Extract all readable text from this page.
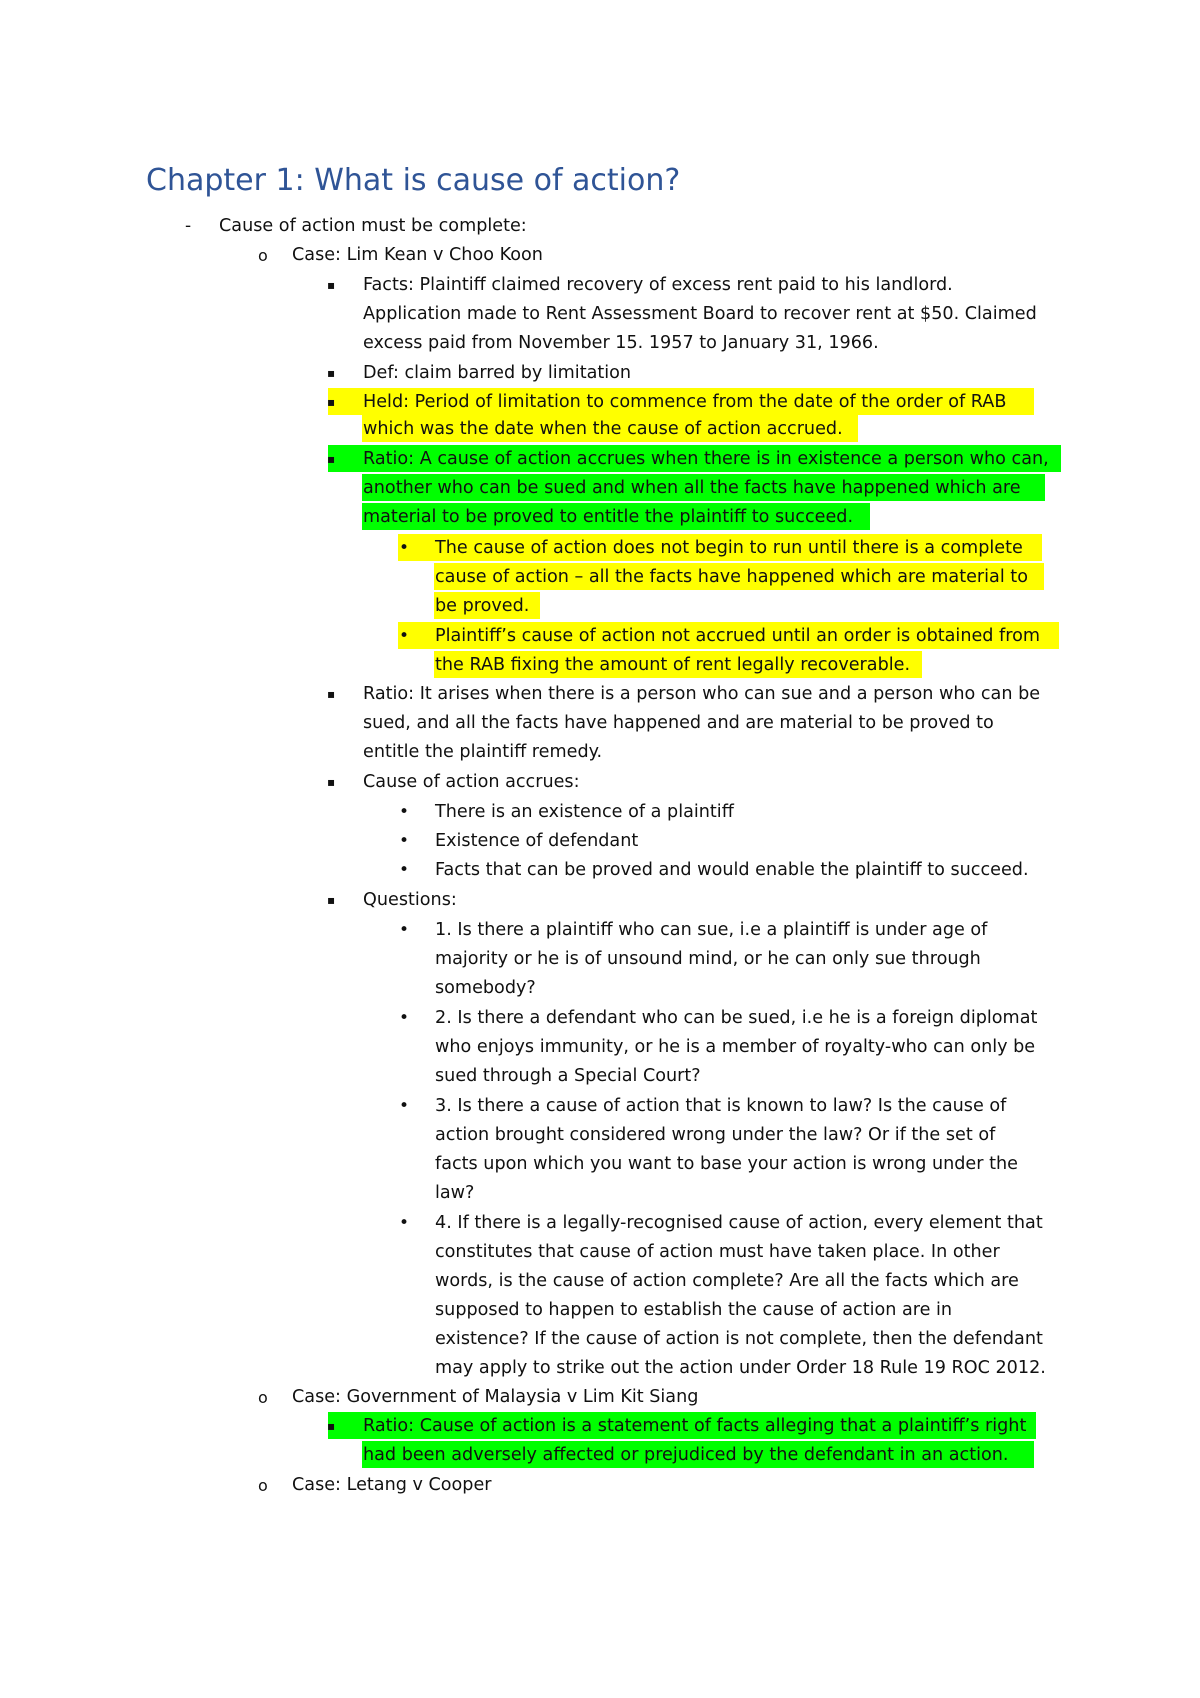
Chapter 1: What is cause of action?
- Cause of action must be complete:
o Case: Lim Kean v Choo Koon
▪ Facts: Plaintiff claimed recovery of excess rent paid to his landlord.
Application made to Rent Assessment Board to recover rent at $50. Claimed
excess paid from November 15. 1957 to January 31, 1966.
▪ Def: claim barred by limitation
▪ Held: Period of limitation to commence from the date of the order of RAB
which was the date when the cause of action accrued.
▪ Ratio: A cause of action accrues when there is in existence a person who can,
another who can be sued and when all the facts have happened which are
material to be proved to entitle the plaintiff to succeed.
• The cause of action does not begin to run until there is a complete
cause of action – all the facts have happened which are material to
be proved.
• Plaintiff’s cause of action not accrued until an order is obtained from
the RAB fixing the amount of rent legally recoverable.
▪ Ratio: It arises when there is a person who can sue and a person who can be
sued, and all the facts have happened and are material to be proved to
entitle the plaintiff remedy.
▪ Cause of action accrues:
• There is an existence of a plaintiff
• Existence of defendant
• Facts that can be proved and would enable the plaintiff to succeed.
▪ Questions:
• 1. Is there a plaintiff who can sue, i.e a plaintiff is under age of
majority or he is of unsound mind, or he can only sue through
somebody?
• 2. Is there a defendant who can be sued, i.e he is a foreign diplomat
who enjoys immunity, or he is a member of royalty-who can only be
sued through a Special Court?
• 3. Is there a cause of action that is known to law? Is the cause of
action brought considered wrong under the law? Or if the set of
facts upon which you want to base your action is wrong under the
law?
• 4. If there is a legally-recognised cause of action, every element that
constitutes that cause of action must have taken place. In other
words, is the cause of action complete? Are all the facts which are
supposed to happen to establish the cause of action are in
existence? If the cause of action is not complete, then the defendant
may apply to strike out the action under Order 18 Rule 19 ROC 2012.
o Case: Government of Malaysia v Lim Kit Siang
▪ Ratio: Cause of action is a statement of facts alleging that a plaintiff’s right
had been adversely affected or prejudiced by the defendant in an action.
o Case: Letang v Cooper
